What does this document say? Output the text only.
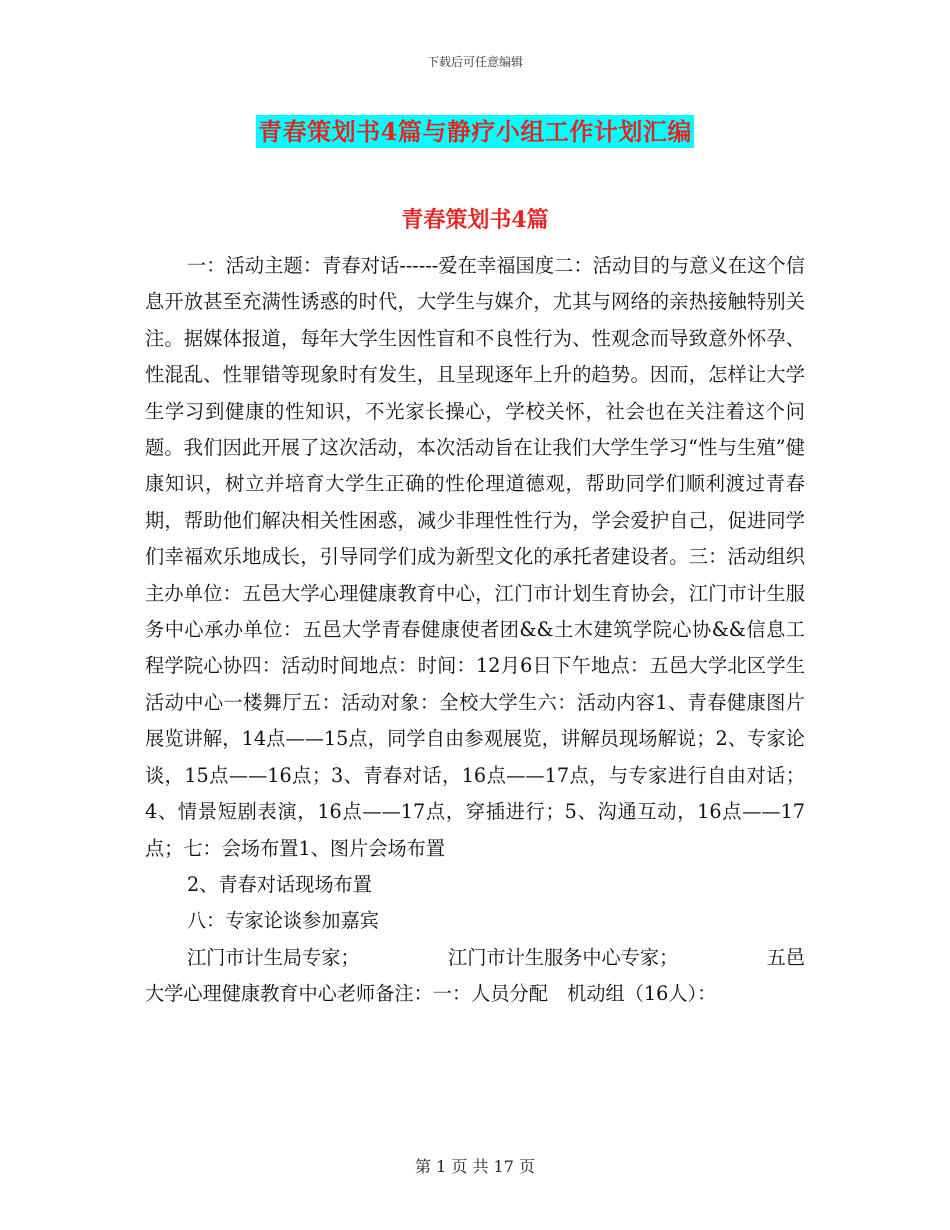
下载后可任意编辑
青春策划书4篇与静疗小组工作计划汇编
青春策划书4篇

一：活动主题：青春对话------爱在幸福国度二：活动目的与意义在这个信息开放甚至充满性诱惑的时代，大学生与媒介，尤其与网络的亲热接触特别关注。据媒体报道，每年大学生因性盲和不良性行为、性观念而导致意外怀孕、性混乱、性罪错等现象时有发生，且呈现逐年上升的趋势。因而，怎样让大学生学习到健康的性知识，不光家长操心，学校关怀，社会也在关注着这个问题。我们因此开展了这次活动，本次活动旨在让我们大学生学习“性与生殖”健康知识，树立并培育大学生正确的性伦理道德观，帮助同学们顺利渡过青春期，帮助他们解决相关性困惑，减少非理性性行为，学会爱护自己，促进同学们幸福欢乐地成长，引导同学们成为新型文化的承托者建设者。三：活动组织主办单位：五邑大学心理健康教育中心，江门市计划生育协会，江门市计生服务中心承办单位：五邑大学青春健康使者团&&土木建筑学院心协&&信息工程学院心协四：活动时间地点：时间：12月6日下午地点：五邑大学北区学生活动中心一楼舞厅五：活动对象：全校大学生六：活动内容1、青春健康图片展览讲解，14点——15点，同学自由参观展览，讲解员现场解说；2、专家论谈，15点——16点；3、青春对话，16点——17点，与专家进行自由对话；4、情景短剧表演，16点——17点，穿插进行；5、沟通互动，16点——17点；七：会场布置1、图片会场布置

2、青春对话现场布置

八：专家论谈参加嘉宾

江门市计生局专家；	江门市计生服务中心专家；	五邑

大学心理健康教育中心老师备注：一：人员分配　机动组（16人）：

第 1 页 共 17 页
